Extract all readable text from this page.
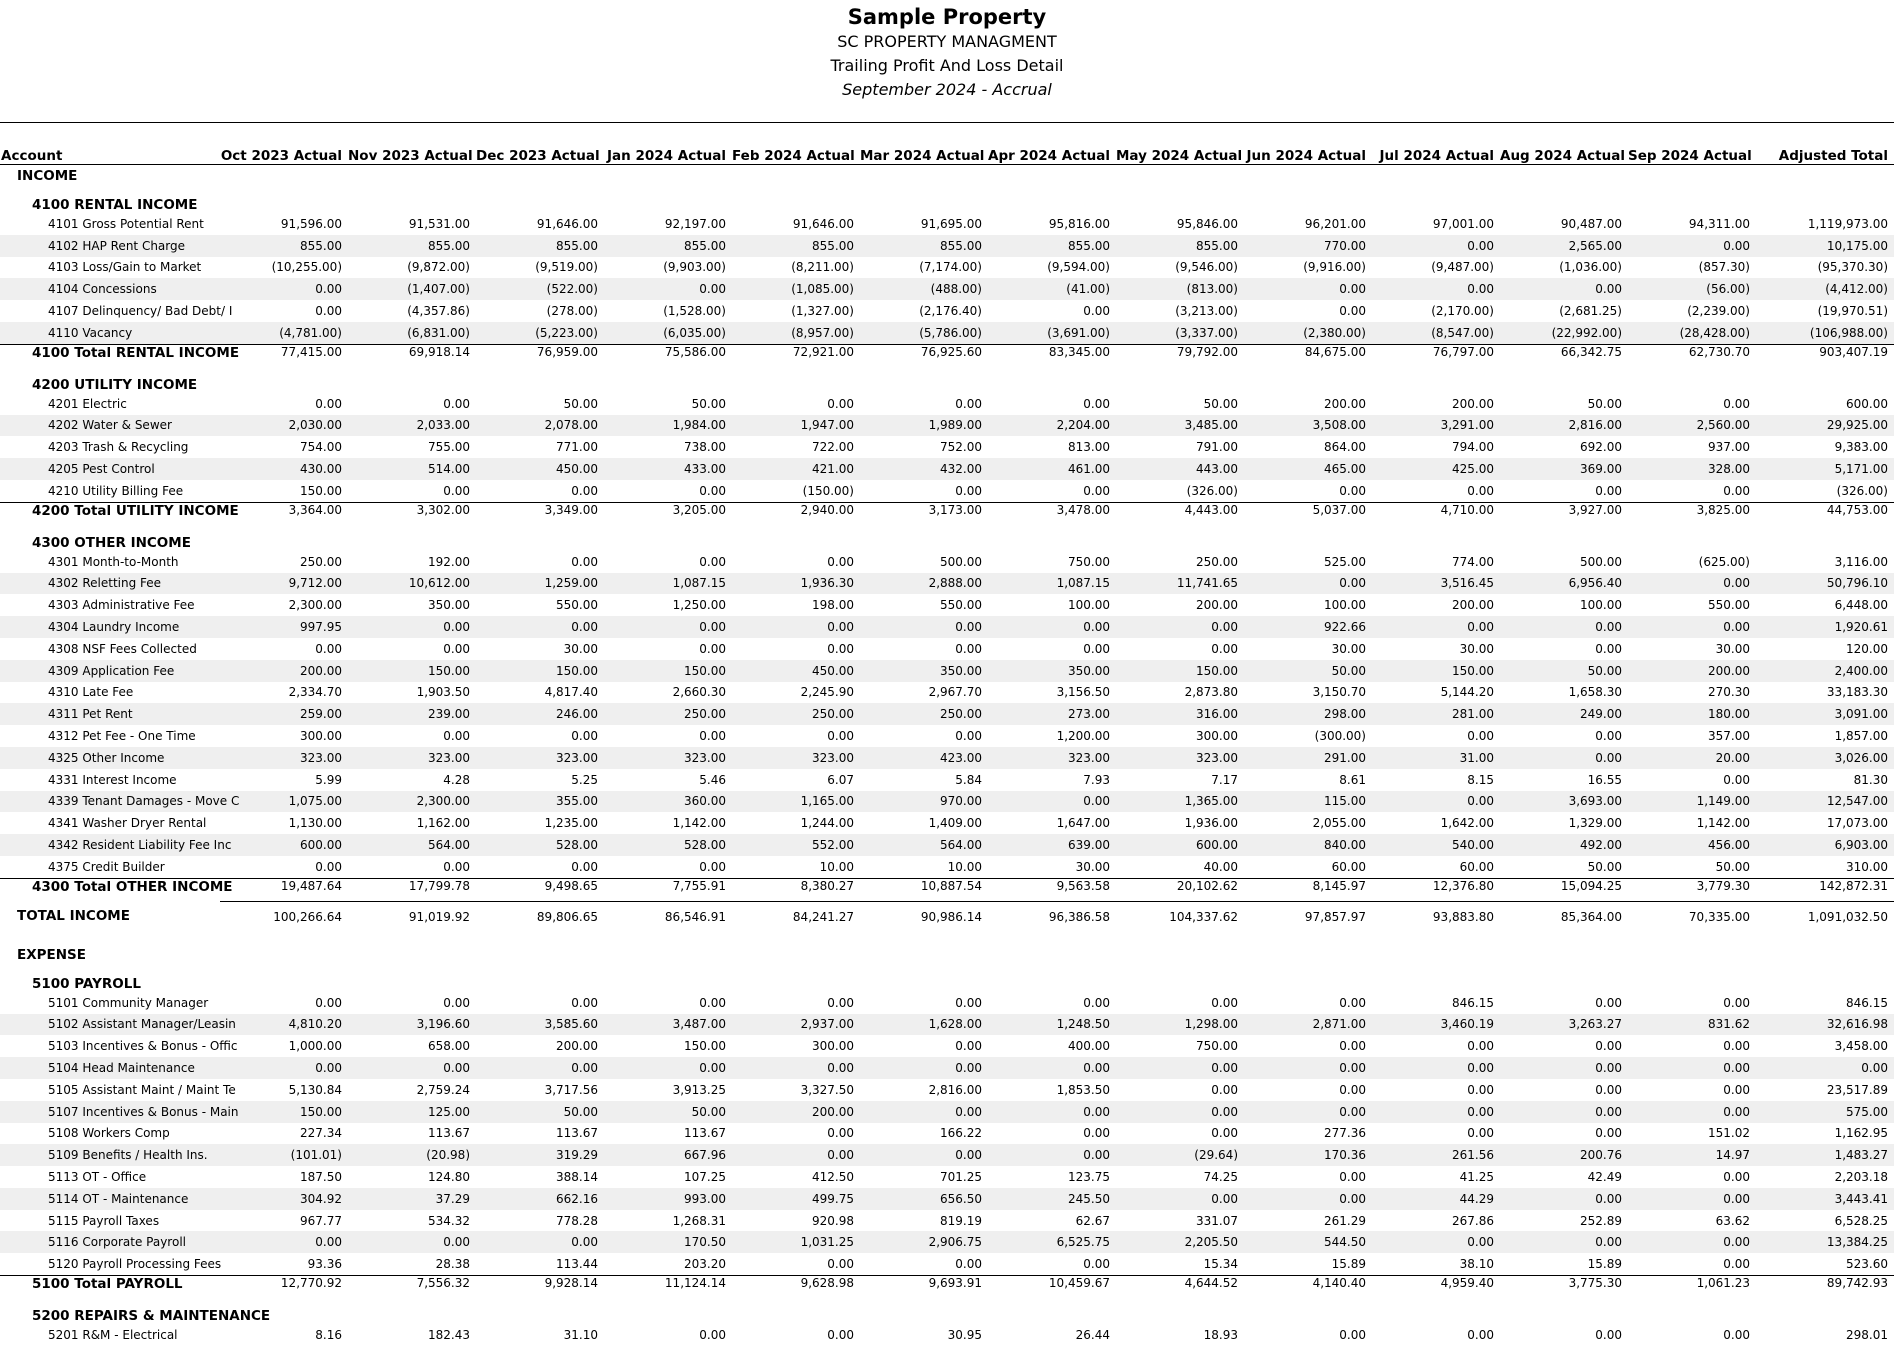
Sample Property
SC PROPERTY MANAGMENT
Trailing Profit And Loss Detail
September 2024 - Accrual
Account	Oct 2023 Actual	Nov 2023 Actual	Dec 2023 Actual	Jan 2024 Actual	Feb 2024 Actual	Mar 2024 Actual	Apr 2024 Actual	May 2024 Actual	Jun 2024 Actual	Jul 2024 Actual	Aug 2024 Actual	Sep 2024 Actual	Adjusted Total
INCOME													
4100 RENTAL INCOME													
4101 Gross Potential Rent	91,596.00	91,531.00	91,646.00	92,197.00	91,646.00	91,695.00	95,816.00	95,846.00	96,201.00	97,001.00	90,487.00	94,311.00	1,119,973.00
4102 HAP Rent Charge	855.00	855.00	855.00	855.00	855.00	855.00	855.00	855.00	770.00	0.00	2,565.00	0.00	10,175.00
4103 Loss/Gain to Market	(10,255.00)	(9,872.00)	(9,519.00)	(9,903.00)	(8,211.00)	(7,174.00)	(9,594.00)	(9,546.00)	(9,916.00)	(9,487.00)	(1,036.00)	(857.30)	(95,370.30)
4104 Concessions	0.00	(1,407.00)	(522.00)	0.00	(1,085.00)	(488.00)	(41.00)	(813.00)	0.00	0.00	0.00	(56.00)	(4,412.00)
4107 Delinquency/ Bad Debt/ I	0.00	(4,357.86)	(278.00)	(1,528.00)	(1,327.00)	(2,176.40)	0.00	(3,213.00)	0.00	(2,170.00)	(2,681.25)	(2,239.00)	(19,970.51)
4110 Vacancy	(4,781.00)	(6,831.00)	(5,223.00)	(6,035.00)	(8,957.00)	(5,786.00)	(3,691.00)	(3,337.00)	(2,380.00)	(8,547.00)	(22,992.00)	(28,428.00)	(106,988.00)
4100 Total RENTAL INCOME	77,415.00	69,918.14	76,959.00	75,586.00	72,921.00	76,925.60	83,345.00	79,792.00	84,675.00	76,797.00	66,342.75	62,730.70	903,407.19
4200 UTILITY INCOME													
4201 Electric	0.00	0.00	50.00	50.00	0.00	0.00	0.00	50.00	200.00	200.00	50.00	0.00	600.00
4202 Water & Sewer	2,030.00	2,033.00	2,078.00	1,984.00	1,947.00	1,989.00	2,204.00	3,485.00	3,508.00	3,291.00	2,816.00	2,560.00	29,925.00
4203 Trash & Recycling	754.00	755.00	771.00	738.00	722.00	752.00	813.00	791.00	864.00	794.00	692.00	937.00	9,383.00
4205 Pest Control	430.00	514.00	450.00	433.00	421.00	432.00	461.00	443.00	465.00	425.00	369.00	328.00	5,171.00
4210 Utility Billing Fee	150.00	0.00	0.00	0.00	(150.00)	0.00	0.00	(326.00)	0.00	0.00	0.00	0.00	(326.00)
4200 Total UTILITY INCOME	3,364.00	3,302.00	3,349.00	3,205.00	2,940.00	3,173.00	3,478.00	4,443.00	5,037.00	4,710.00	3,927.00	3,825.00	44,753.00
4300 OTHER INCOME													
4301 Month-to-Month	250.00	192.00	0.00	0.00	0.00	500.00	750.00	250.00	525.00	774.00	500.00	(625.00)	3,116.00
4302 Reletting Fee	9,712.00	10,612.00	1,259.00	1,087.15	1,936.30	2,888.00	1,087.15	11,741.65	0.00	3,516.45	6,956.40	0.00	50,796.10
4303 Administrative Fee	2,300.00	350.00	550.00	1,250.00	198.00	550.00	100.00	200.00	100.00	200.00	100.00	550.00	6,448.00
4304 Laundry Income	997.95	0.00	0.00	0.00	0.00	0.00	0.00	0.00	922.66	0.00	0.00	0.00	1,920.61
4308 NSF Fees Collected	0.00	0.00	30.00	0.00	0.00	0.00	0.00	0.00	30.00	30.00	0.00	30.00	120.00
4309 Application Fee	200.00	150.00	150.00	150.00	450.00	350.00	350.00	150.00	50.00	150.00	50.00	200.00	2,400.00
4310 Late Fee	2,334.70	1,903.50	4,817.40	2,660.30	2,245.90	2,967.70	3,156.50	2,873.80	3,150.70	5,144.20	1,658.30	270.30	33,183.30
4311 Pet Rent	259.00	239.00	246.00	250.00	250.00	250.00	273.00	316.00	298.00	281.00	249.00	180.00	3,091.00
4312 Pet Fee - One Time	300.00	0.00	0.00	0.00	0.00	0.00	1,200.00	300.00	(300.00)	0.00	0.00	357.00	1,857.00
4325 Other Income	323.00	323.00	323.00	323.00	323.00	423.00	323.00	323.00	291.00	31.00	0.00	20.00	3,026.00
4331 Interest Income	5.99	4.28	5.25	5.46	6.07	5.84	7.93	7.17	8.61	8.15	16.55	0.00	81.30
4339 Tenant Damages - Move C	1,075.00	2,300.00	355.00	360.00	1,165.00	970.00	0.00	1,365.00	115.00	0.00	3,693.00	1,149.00	12,547.00
4341 Washer Dryer Rental	1,130.00	1,162.00	1,235.00	1,142.00	1,244.00	1,409.00	1,647.00	1,936.00	2,055.00	1,642.00	1,329.00	1,142.00	17,073.00
4342 Resident Liability Fee Inc	600.00	564.00	528.00	528.00	552.00	564.00	639.00	600.00	840.00	540.00	492.00	456.00	6,903.00
4375 Credit Builder	0.00	0.00	0.00	0.00	10.00	10.00	30.00	40.00	60.00	60.00	50.00	50.00	310.00
4300 Total OTHER INCOME	19,487.64	17,799.78	9,498.65	7,755.91	8,380.27	10,887.54	9,563.58	20,102.62	8,145.97	12,376.80	15,094.25	3,779.30	142,872.31
TOTAL INCOME	100,266.64	91,019.92	89,806.65	86,546.91	84,241.27	90,986.14	96,386.58	104,337.62	97,857.97	93,883.80	85,364.00	70,335.00	1,091,032.50

EXPENSE													
5100 PAYROLL													
5101 Community Manager	0.00	0.00	0.00	0.00	0.00	0.00	0.00	0.00	0.00	846.15	0.00	0.00	846.15
5102 Assistant Manager/Leasin	4,810.20	3,196.60	3,585.60	3,487.00	2,937.00	1,628.00	1,248.50	1,298.00	2,871.00	3,460.19	3,263.27	831.62	32,616.98
5103 Incentives & Bonus - Offic	1,000.00	658.00	200.00	150.00	300.00	0.00	400.00	750.00	0.00	0.00	0.00	0.00	3,458.00
5104 Head Maintenance	0.00	0.00	0.00	0.00	0.00	0.00	0.00	0.00	0.00	0.00	0.00	0.00	0.00
5105 Assistant Maint / Maint Te	5,130.84	2,759.24	3,717.56	3,913.25	3,327.50	2,816.00	1,853.50	0.00	0.00	0.00	0.00	0.00	23,517.89
5107 Incentives & Bonus - Main	150.00	125.00	50.00	50.00	200.00	0.00	0.00	0.00	0.00	0.00	0.00	0.00	575.00
5108 Workers Comp	227.34	113.67	113.67	113.67	0.00	166.22	0.00	0.00	277.36	0.00	0.00	151.02	1,162.95
5109 Benefits / Health Ins.	(101.01)	(20.98)	319.29	667.96	0.00	0.00	0.00	(29.64)	170.36	261.56	200.76	14.97	1,483.27
5113 OT - Office	187.50	124.80	388.14	107.25	412.50	701.25	123.75	74.25	0.00	41.25	42.49	0.00	2,203.18
5114 OT - Maintenance	304.92	37.29	662.16	993.00	499.75	656.50	245.50	0.00	0.00	44.29	0.00	0.00	3,443.41
5115 Payroll Taxes	967.77	534.32	778.28	1,268.31	920.98	819.19	62.67	331.07	261.29	267.86	252.89	63.62	6,528.25
5116 Corporate Payroll	0.00	0.00	0.00	170.50	1,031.25	2,906.75	6,525.75	2,205.50	544.50	0.00	0.00	0.00	13,384.25
5120 Payroll Processing Fees	93.36	28.38	113.44	203.20	0.00	0.00	0.00	15.34	15.89	38.10	15.89	0.00	523.60
5100 Total PAYROLL	12,770.92	7,556.32	9,928.14	11,124.14	9,628.98	9,693.91	10,459.67	4,644.52	4,140.40	4,959.40	3,775.30	1,061.23	89,742.93
5200 REPAIRS & MAINTENANCE													
5201 R&M - Electrical	8.16	182.43	31.10	0.00	0.00	30.95	26.44	18.93	0.00	0.00	0.00	0.00	298.01
